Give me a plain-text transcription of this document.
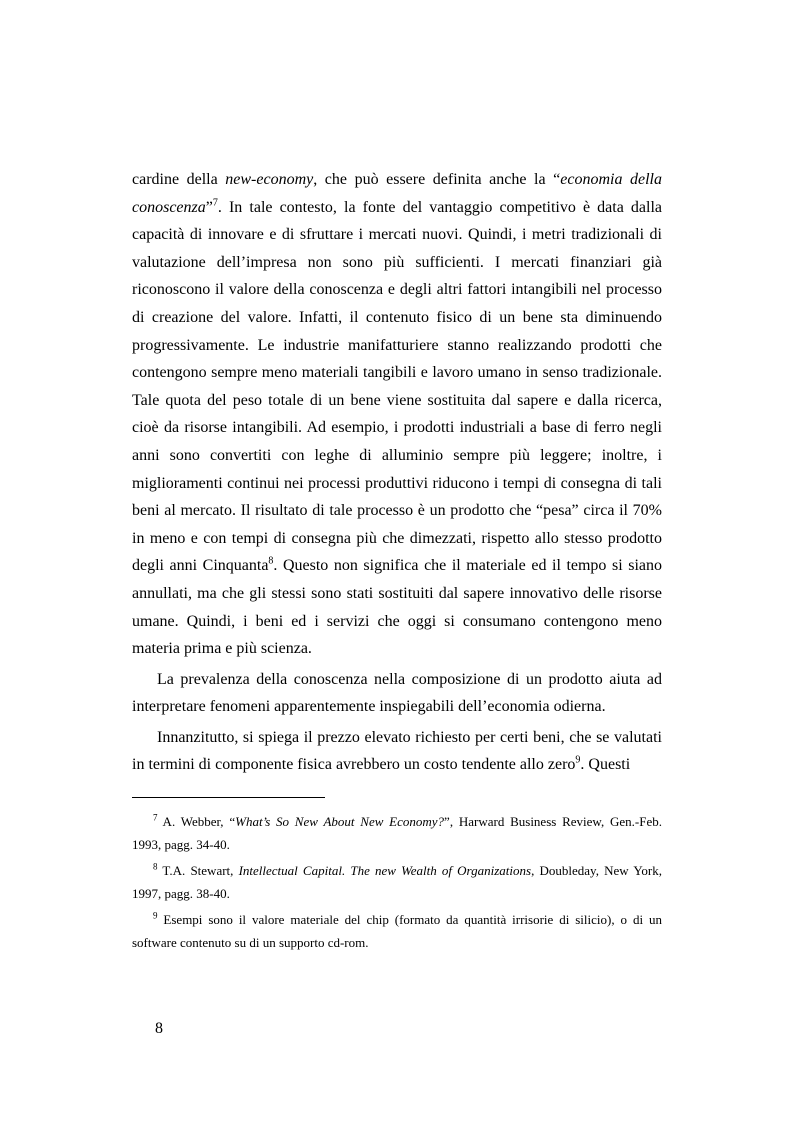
cardine della new-economy, che può essere definita anche la “economia della conoscenza”$^7$. In tale contesto, la fonte del vantaggio competitivo è data dalla capacità di innovare e di sfruttare i mercati nuovi. Quindi, i metri tradizionali di valutazione dell’impresa non sono più sufficienti. I mercati finanziari già riconoscono il valore della conoscenza e degli altri fattori intangibili nel processo di creazione del valore. Infatti, il contenuto fisico di un bene sta diminuendo progressivamente. Le industrie manifatturiere stanno realizzando prodotti che contengono sempre meno materiali tangibili e lavoro umano in senso tradizionale. Tale quota del peso totale di un bene viene sostituita dal sapere e dalla ricerca, cioè da risorse intangibili. Ad esempio, i prodotti industriali a base di ferro negli anni sono convertiti con leghe di alluminio sempre più leggere; inoltre, i miglioramenti continui nei processi produttivi riducono i tempi di consegna di tali beni al mercato. Il risultato di tale processo è un prodotto che “pesa” circa il 70% in meno e con tempi di consegna più che dimezzati, rispetto allo stesso prodotto degli anni Cinquanta$^8$. Questo non significa che il materiale ed il tempo si siano annullati, ma che gli stessi sono stati sostituiti dal sapere innovativo delle risorse umane. Quindi, i beni ed i servizi che oggi si consumano contengono meno materia prima e più scienza.

La prevalenza della conoscenza nella composizione di un prodotto aiuta ad interpretare fenomeni apparentemente inspiegabili dell’economia odierna.

Innanzitutto, si spiega il prezzo elevato richiesto per certi beni, che se valutati in termini di componente fisica avrebbero un costo tendente allo zero$^9$. Questi

$^7$ A. Webber, “What’s So New About New Economy?”, Harward Business Review, Gen.-Feb. 1993, pagg. 34-40.

$^8$ T.A. Stewart, Intellectual Capital. The new Wealth of Organizations, Doubleday, New York, 1997, pagg. 38-40.

$^9$ Esempi sono il valore materiale del chip (formato da quantità irrisorie di silicio), o di un software contenuto su di un supporto cd-rom.

8
